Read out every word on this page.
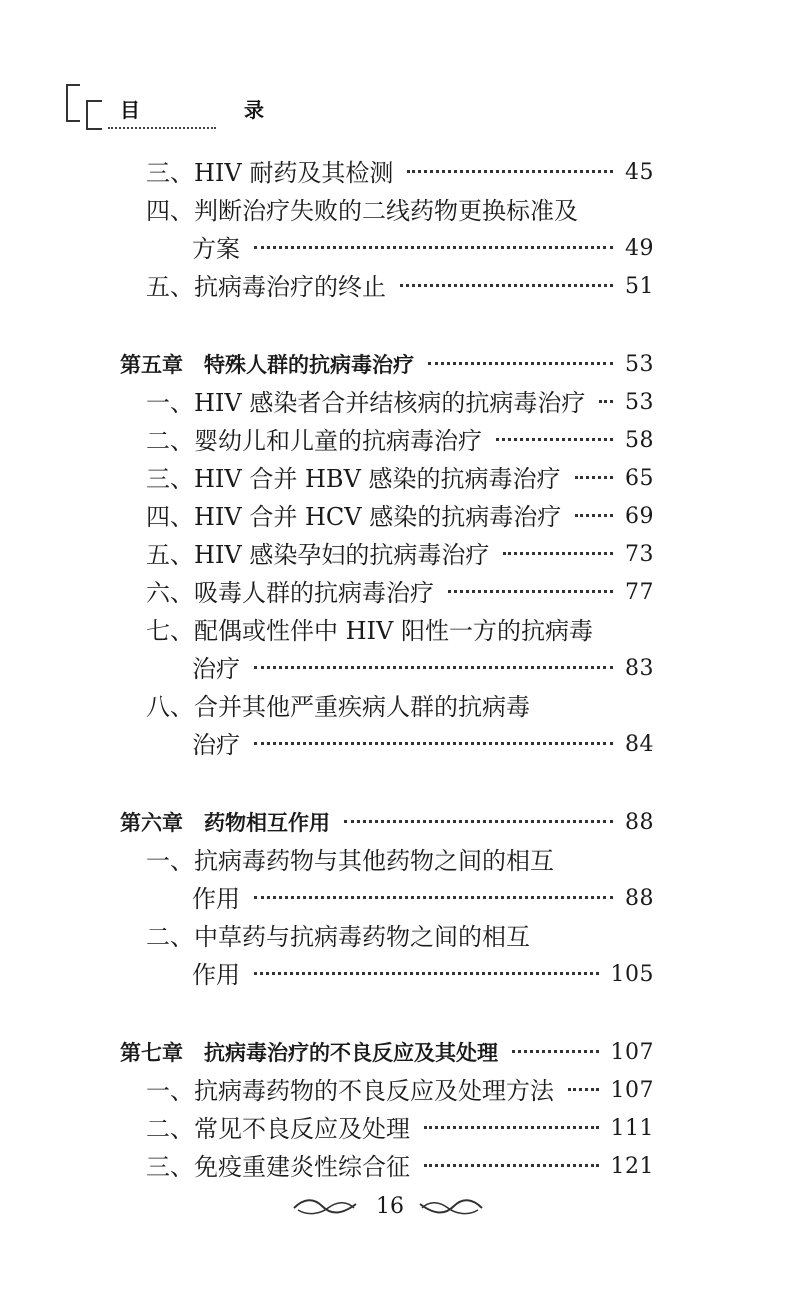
目　录
三、HIV 耐药及其检测	45
四、判断治疗失败的二线药物更换标准及
方案	49
五、抗病毒治疗的终止	51
第五章　特殊人群的抗病毒治疗	53
一、HIV 感染者合并结核病的抗病毒治疗 53
二、婴幼儿和儿童的抗病毒治疗	58
三、HIV 合并 HBV 感染的抗病毒治疗	65
四、HIV 合并 HCV 感染的抗病毒治疗	69
五、HIV 感染孕妇的抗病毒治疗	73
六、吸毒人群的抗病毒治疗	77
七、配偶或性伴中 HIV 阳性一方的抗病毒
治疗	83
八、合并其他严重疾病人群的抗病毒
治疗	84
第六章　药物相互作用	88
一、抗病毒药物与其他药物之间的相互
作用	88
二、中草药与抗病毒药物之间的相互
作用	105
第七章　抗病毒治疗的不良反应及其处理	107
一、抗病毒药物的不良反应及处理方法	107
二、常见不良反应及处理	111
三、免疫重建炎性综合征	121
16
